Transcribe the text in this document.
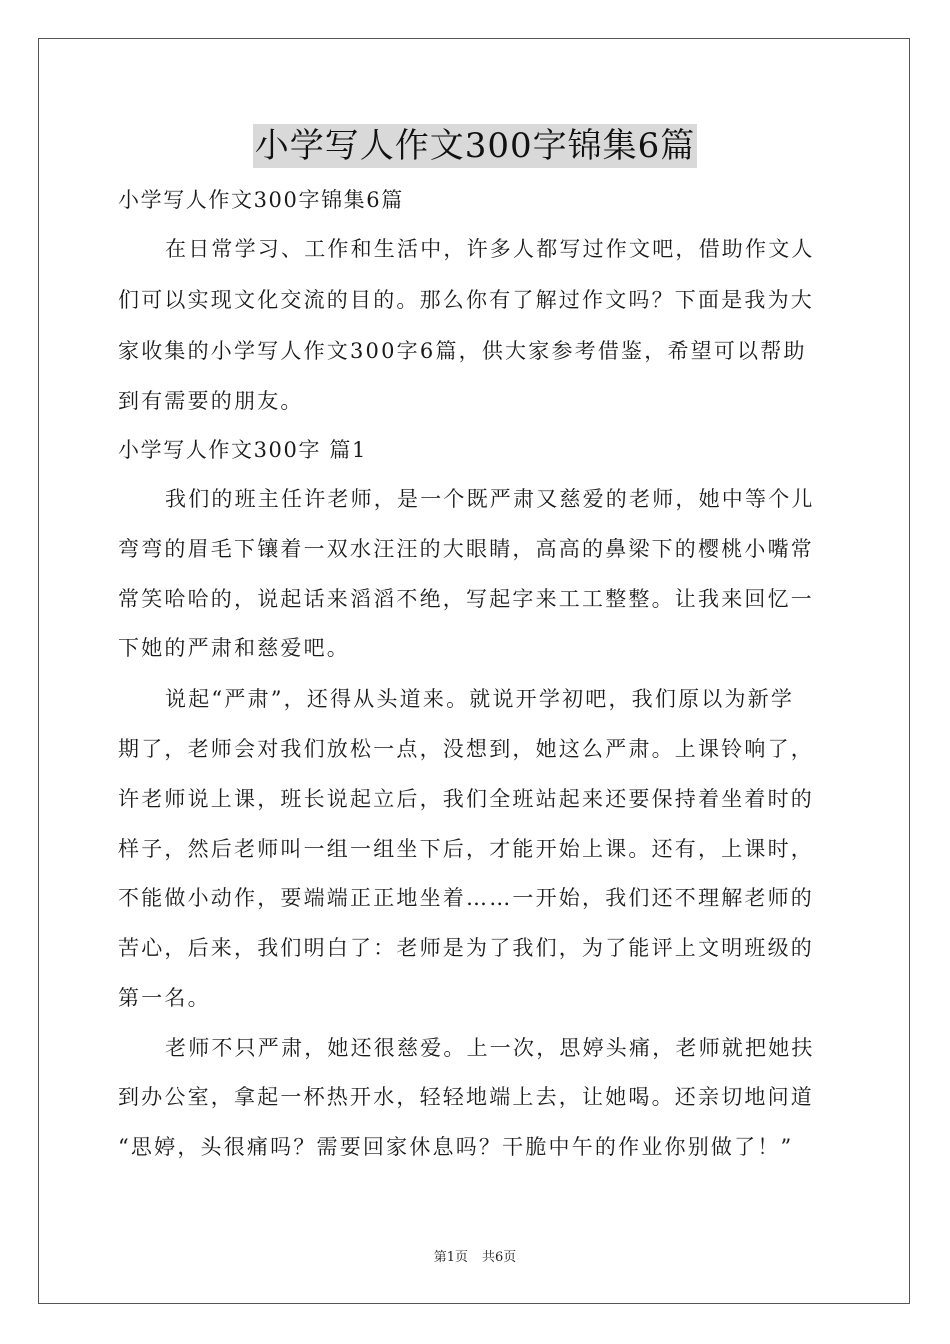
小学写人作文300字锦集6篇
小学写人作文300字锦集6篇
在日常学习、工作和生活中，许多人都写过作文吧，借助作文人
们可以实现文化交流的目的。那么你有了解过作文吗？下面是我为大
家收集的小学写人作文300字6篇，供大家参考借鉴，希望可以帮助
到有需要的朋友。
小学写人作文300字 篇1
我们的班主任许老师，是一个既严肃又慈爱的老师，她中等个儿
弯弯的眉毛下镶着一双水汪汪的大眼睛，高高的鼻梁下的樱桃小嘴常
常笑哈哈的，说起话来滔滔不绝，写起字来工工整整。让我来回忆一
下她的严肃和慈爱吧。
说起“严肃”，还得从头道来。就说开学初吧，我们原以为新学
期了，老师会对我们放松一点，没想到，她这么严肃。上课铃响了，
许老师说上课，班长说起立后，我们全班站起来还要保持着坐着时的
样子，然后老师叫一组一组坐下后，才能开始上课。还有，上课时，
不能做小动作，要端端正正地坐着……一开始，我们还不理解老师的
苦心，后来，我们明白了：老师是为了我们，为了能评上文明班级的
第一名。
老师不只严肃，她还很慈爱。上一次，思婷头痛，老师就把她扶
到办公室，拿起一杯热开水，轻轻地端上去，让她喝。还亲切地问道
“思婷，头很痛吗？需要回家休息吗？干脆中午的作业你别做了！”
第1页 共6页
